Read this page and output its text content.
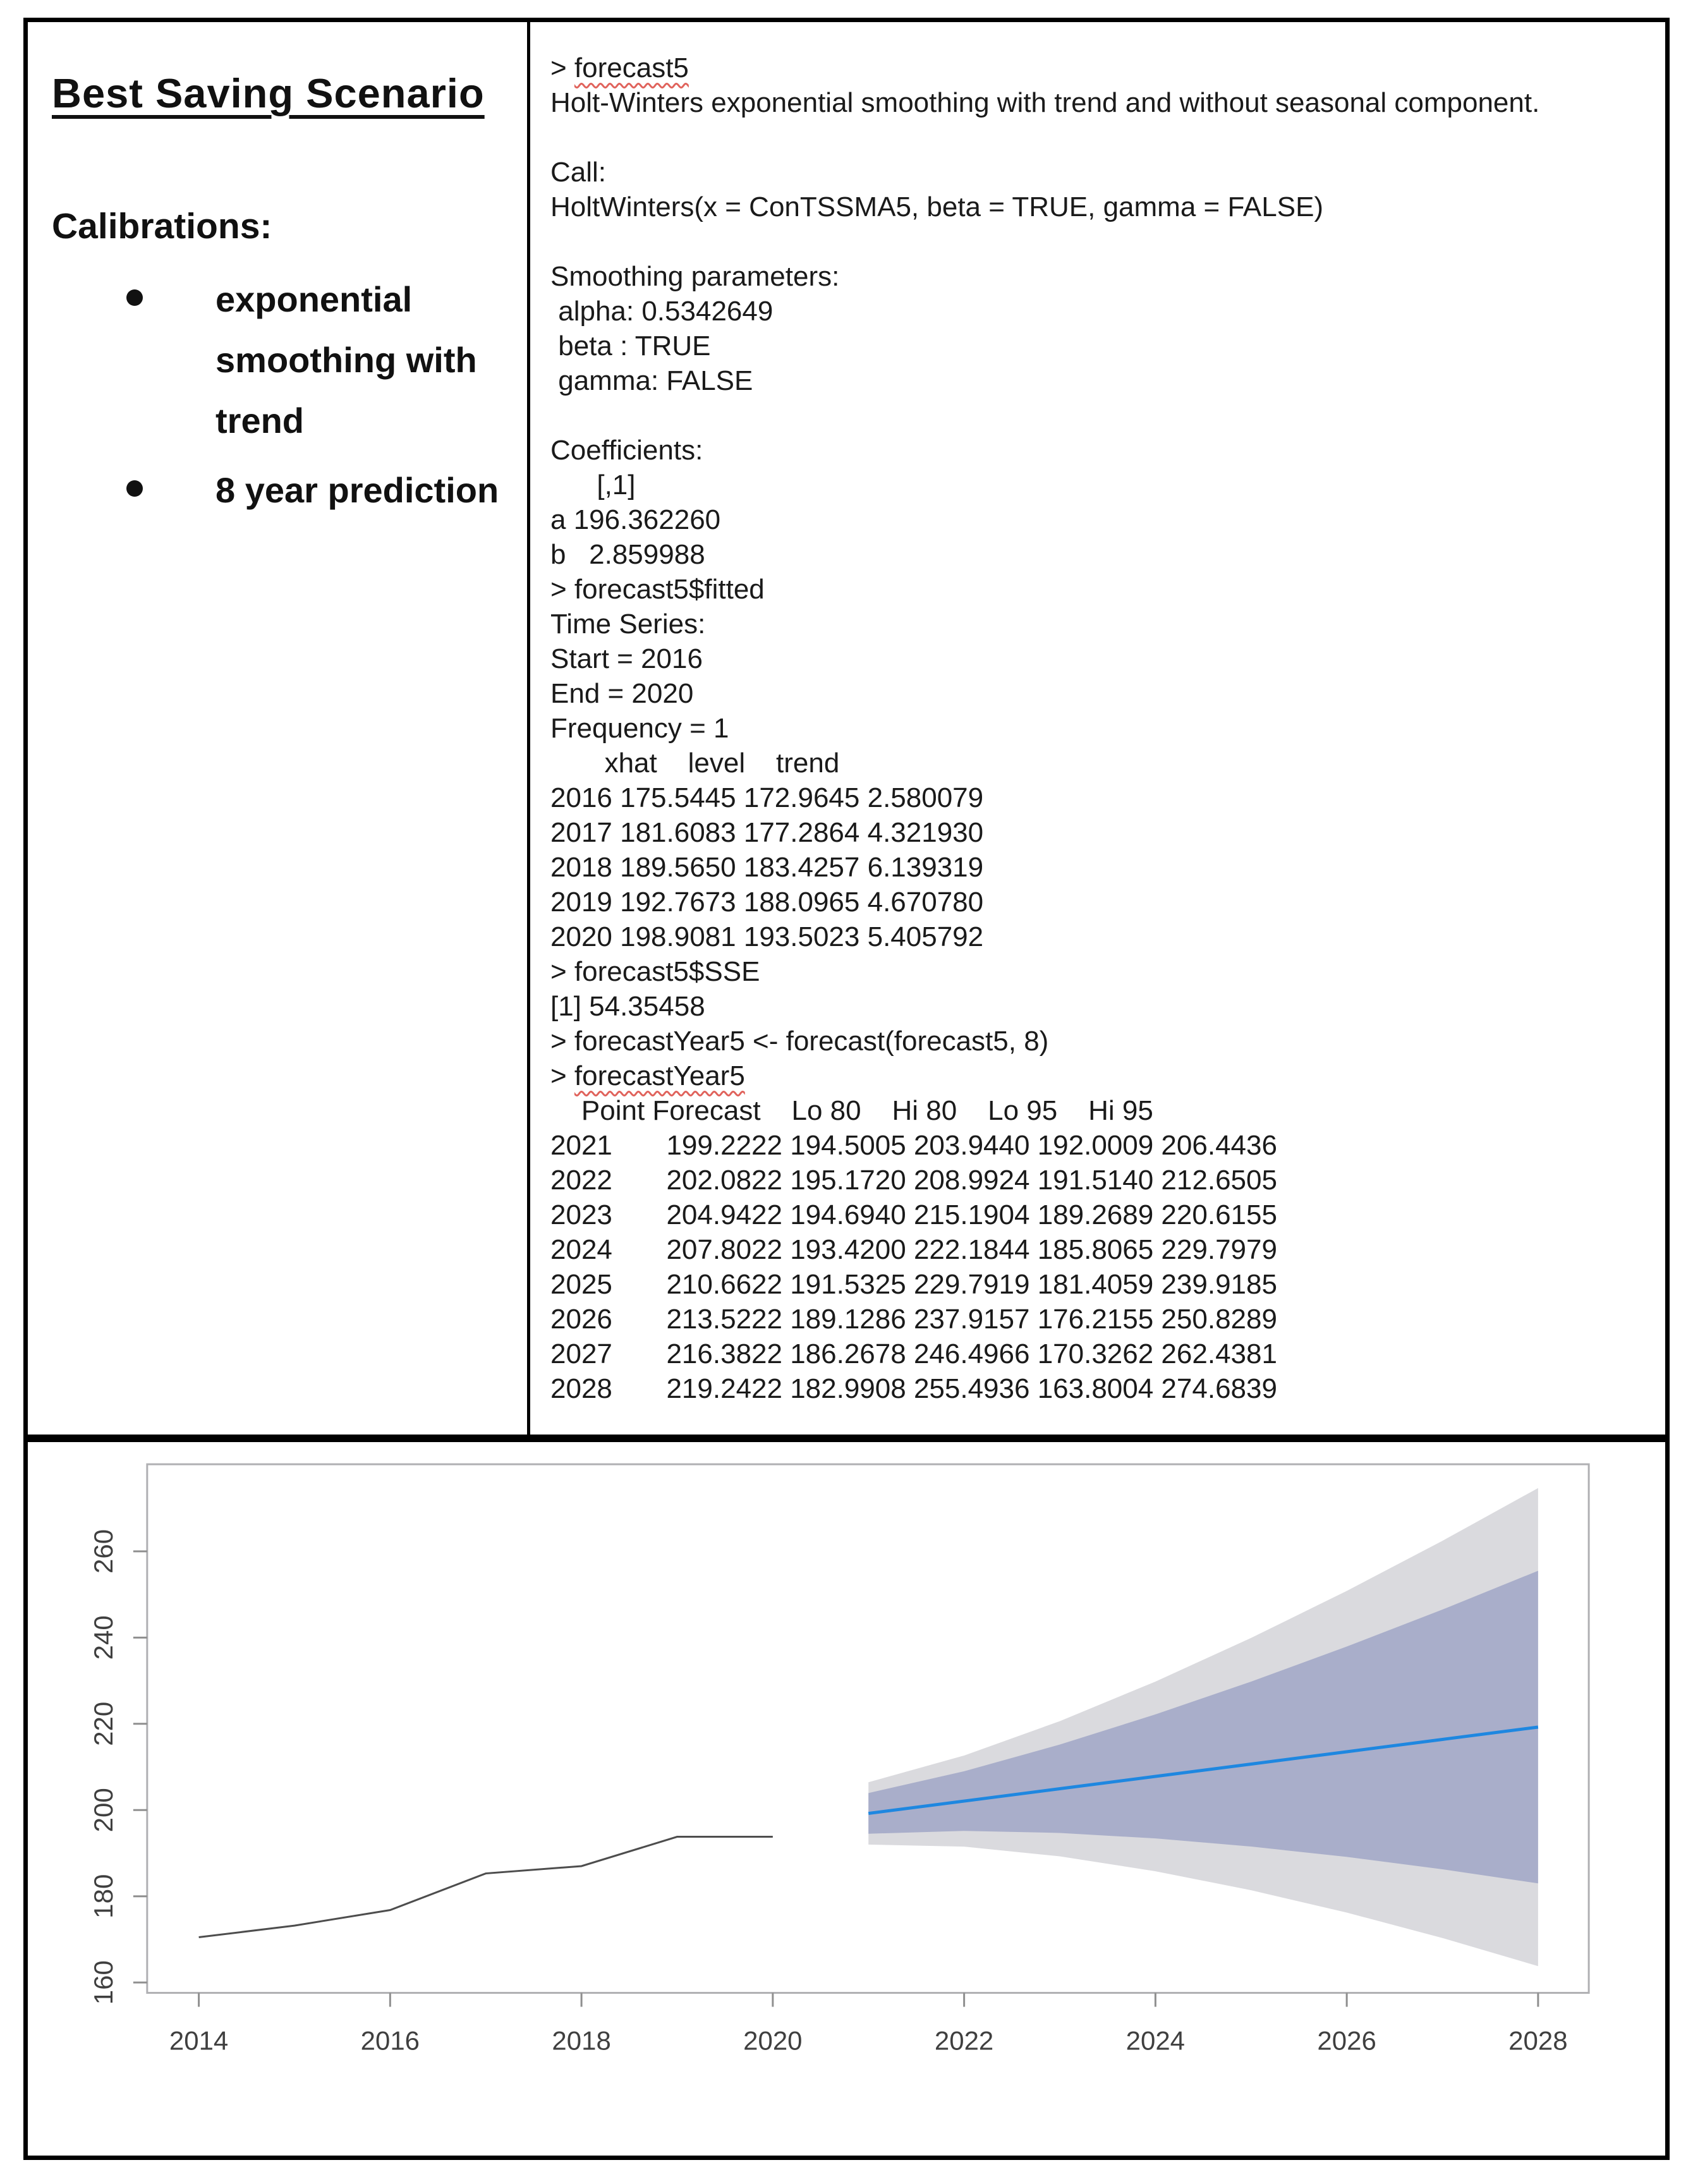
Best Saving Scenario
Calibrations:
exponential smoothing with trend
8 year prediction
> forecast5
Holt-Winters exponential smoothing with trend and without seasonal component.

Call:
HoltWinters(x = ConTSSMA5, beta = TRUE, gamma = FALSE)

Smoothing parameters:
alpha: 0.5342649
beta : TRUE
gamma: FALSE

Coefficients:
[,1]
a 196.362260
b   2.859988
> forecast5$fitted
Time Series:
Start = 2016
End = 2020
Frequency = 1
xhat    level    trend
2016 175.5445 172.9645 2.580079
2017 181.6083 177.2864 4.321930
2018 189.5650 183.4257 6.139319
2019 192.7673 188.0965 4.670780
2020 198.9081 193.5023 5.405792
> forecast5$SSE
[1] 54.35458
> forecastYear5 <- forecast(forecast5, 8)
> forecastYear5
Point Forecast    Lo 80    Hi 80    Lo 95    Hi 95
2021       199.2222 194.5005 203.9440 192.0009 206.4436
2022       202.0822 195.1720 208.9924 191.5140 212.6505
2023       204.9422 194.6940 215.1904 189.2689 220.6155
2024       207.8022 193.4200 222.1844 185.8065 229.7979
2025       210.6622 191.5325 229.7919 181.4059 239.9185
2026       213.5222 189.1286 237.9157 176.2155 250.8289
2027       216.3822 186.2678 246.4966 170.3262 262.4381
2028       219.2422 182.9908 255.4936 163.8004 274.6839
2014	2016	2018	2020	2022	2024	2026	2028
160
180
200
220
240
260
